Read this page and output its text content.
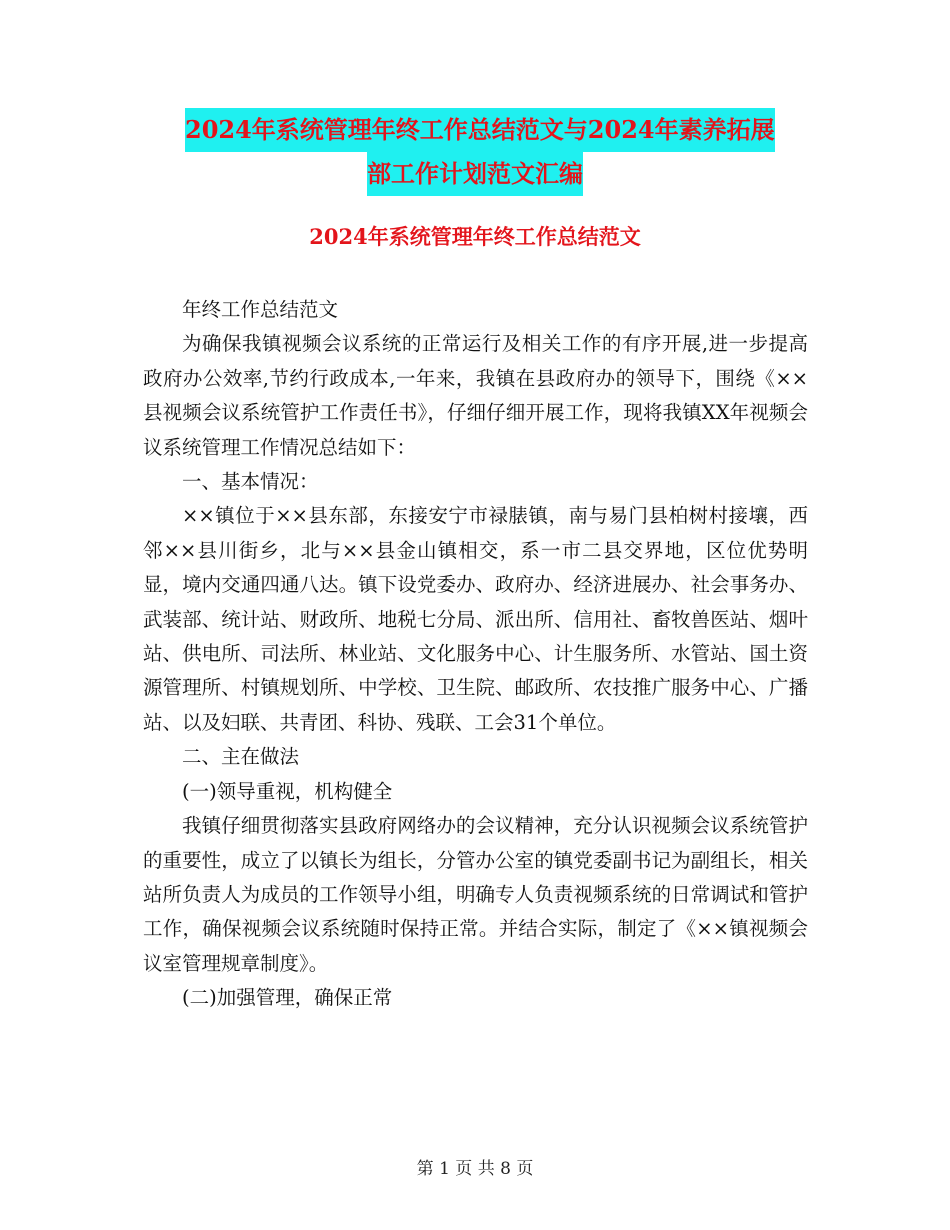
2024年系统管理年终工作总结范文与2024年素养拓展
部工作计划范文汇编
2024年系统管理年终工作总结范文

年终工作总结范文

为确保我镇视频会议系统的正常运行及相关工作的有序开展,进一步提高政府办公效率,节约行政成本,一年来，我镇在县政府办的领导下，围绕《××县视频会议系统管护工作责任书》，仔细仔细开展工作，现将我镇XX年视频会议系统管理工作情况总结如下：

一、基本情况：

××镇位于××县东部，东接安宁市禄脿镇，南与易门县柏树村接壤，西邻××县川街乡，北与××县金山镇相交，系一市二县交界地，区位优势明显，境内交通四通八达。镇下设党委办、政府办、经济进展办、社会事务办、武装部、统计站、财政所、地税七分局、派出所、信用社、畜牧兽医站、烟叶站、供电所、司法所、林业站、文化服务中心、计生服务所、水管站、国土资源管理所、村镇规划所、中学校、卫生院、邮政所、农技推广服务中心、广播站、以及妇联、共青团、科协、残联、工会31个单位。

二、主在做法

(一)领导重视，机构健全

我镇仔细贯彻落实县政府网络办的会议精神，充分认识视频会议系统管护的重要性，成立了以镇长为组长，分管办公室的镇党委副书记为副组长，相关站所负责人为成员的工作领导小组，明确专人负责视频系统的日常调试和管护工作，确保视频会议系统随时保持正常。并结合实际，制定了《××镇视频会议室管理规章制度》。

(二)加强管理，确保正常

第 1 页 共 8 页
